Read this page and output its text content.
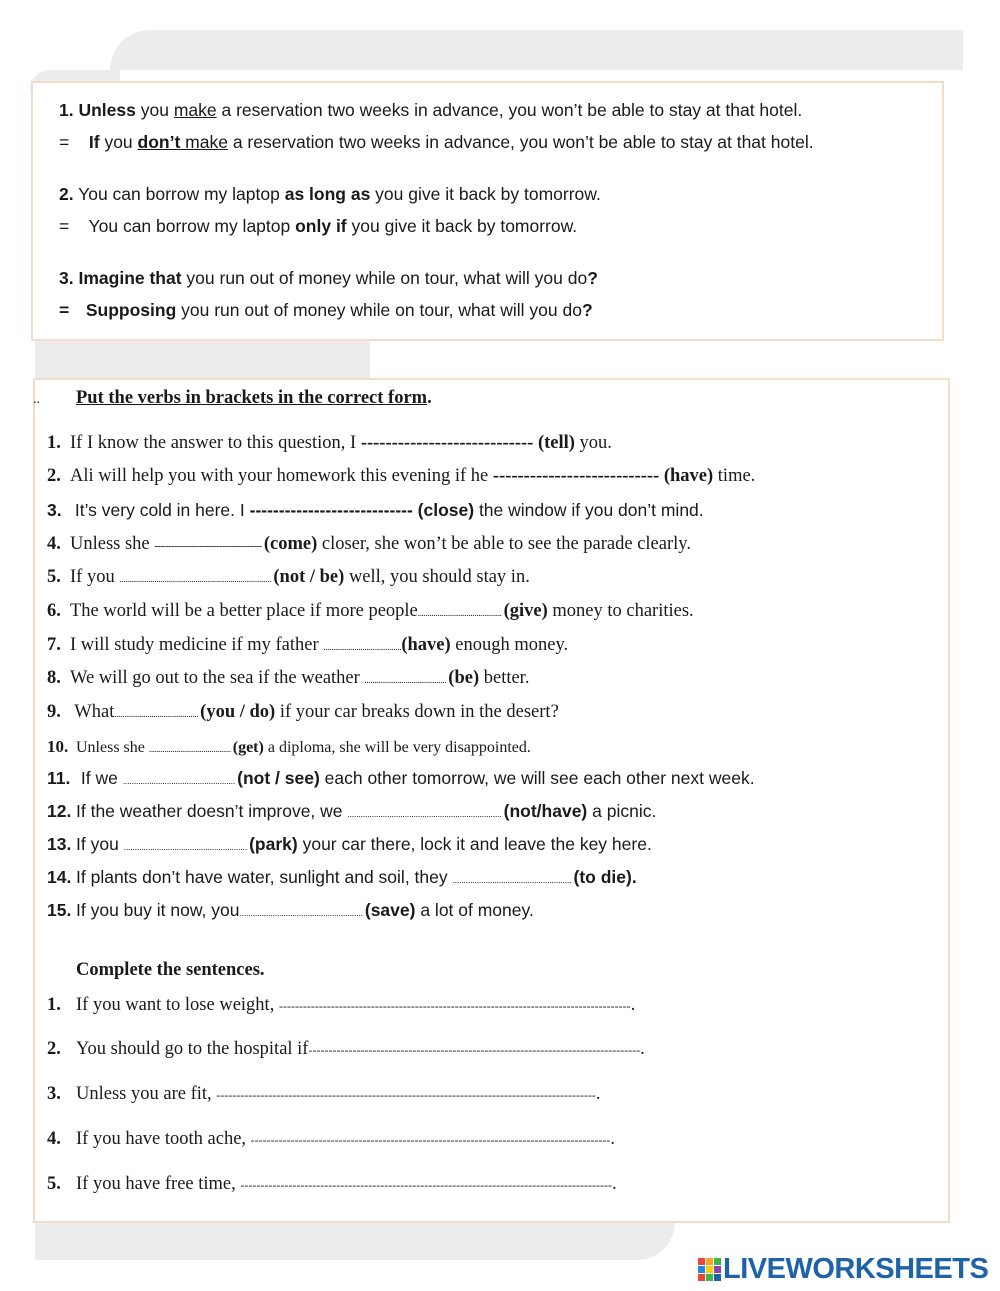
1. Unless you make a reservation two weeks in advance, you won’t be able to stay at that hotel.
= If you don’t make a reservation two weeks in advance, you won’t be able to stay at that hotel.
2. You can borrow my laptop as long as you give it back by tomorrow.
= You can borrow my laptop only if you give it back by tomorrow.
3. Imagine that you run out of money while on tour, what will you do?
= Supposing you run out of money while on tour, what will you do?
.. Put the verbs in brackets in the correct form.
1. If I know the answer to this question, I ---------------------------- (tell) you.
2. Ali will help you with your homework this evening if he --------------------------- (have) time.
3. It’s very cold in here. I ---------------------------- (close) the window if you don’t mind.
4. Unless she -------------------------------------- (come) closer, she won’t be able to see the parade clearly.
5. If you .............................................................................. (not / be) well, you should stay in.
6. The world will be a better place if more people........................................... (give) money to charities.
7. I will study medicine if my father ........................................(have) enough money.
8. We will go out to the sea if the weather .......................................... (be) better.
9. What........................................... (you / do) if your car breaks down in the desert?
10. Unless she .......................................... (get) a diploma, she will be very disappointed.
11. If we ................................................... (not / see) each other tomorrow, we will see each other next week.
12. If the weather doesn’t improve, we ...................................................................... (not/have) a picnic.
13. If you ........................................................ (park) your car there, lock it and leave the key here.
14. If plants don’t have water, sunlight and soil, they ...................................................... (to die).
15. If you buy it now, you........................................................ (save) a lot of money.
Complete the sentences.
1. If you want to lose weight, ----------------------------------------------------------------------------------------.
2. You should go to the hospital if-----------------------------------------------------------------------------------.
3. Unless you are fit, -----------------------------------------------------------------------------------------------.
4. If you have tooth ache, ------------------------------------------------------------------------------------------.
5. If you have free time, ---------------------------------------------------------------------------------------------.
LIVEWORKSHEETS
